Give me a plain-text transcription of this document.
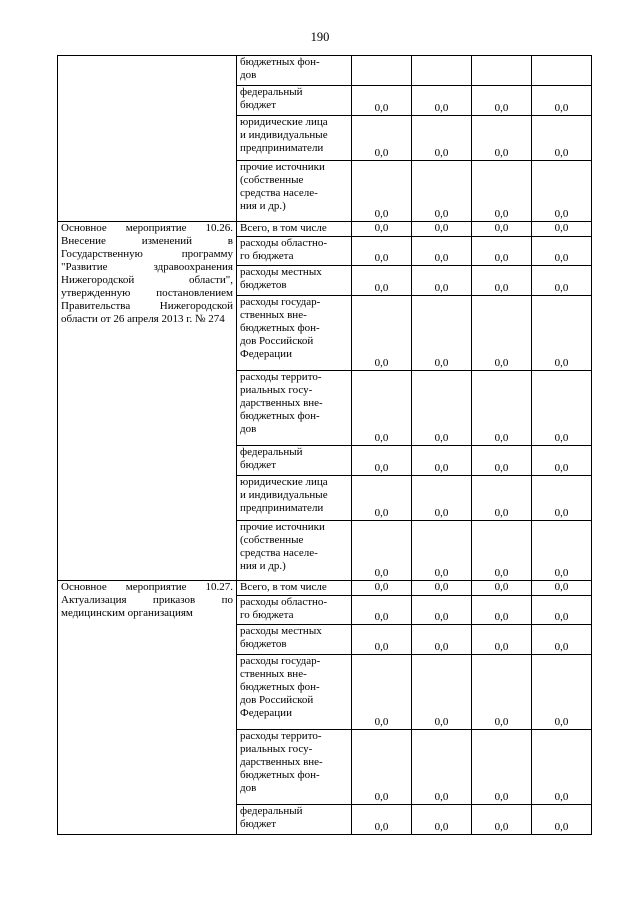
190
	бюджетных фон-
дов				
	федеральный
бюджет	0,0	0,0	0,0	0,0
	юридические лица
и индивидуальные
предприниматели	0,0	0,0	0,0	0,0
	прочие источники
(собственные
средства населе-
ния и др.)	0,0	0,0	0,0	0,0
Основное мероприятие 10.26. Внесение изменений в Государственную программу "Развитие здравоохранения Нижегородской области", утвержденную постановлением Правительства Нижегородской области от 26 апреля 2013 г. № 274	Всего, в том числе	0,0	0,0	0,0	0,0
	расходы областно-
го бюджета	0,0	0,0	0,0	0,0
	расходы местных
бюджетов	0,0	0,0	0,0	0,0
	расходы государ-
ственных вне-
бюджетных фон-
дов Российской
Федерации	0,0	0,0	0,0	0,0
	расходы террито-
риальных госу-
дарственных вне-
бюджетных фон-
дов	0,0	0,0	0,0	0,0
	федеральный
бюджет	0,0	0,0	0,0	0,0
	юридические лица
и индивидуальные
предприниматели	0,0	0,0	0,0	0,0
	прочие источники
(собственные
средства населе-
ния и др.)	0,0	0,0	0,0	0,0
Основное мероприятие 10.27. Актуализация приказов по медицинским организациям	Всего, в том числе	0,0	0,0	0,0	0,0
	расходы областно-
го бюджета	0,0	0,0	0,0	0,0
	расходы местных
бюджетов	0,0	0,0	0,0	0,0
	расходы государ-
ственных вне-
бюджетных фон-
дов Российской
Федерации	0,0	0,0	0,0	0,0
	расходы террито-
риальных госу-
дарственных вне-
бюджетных фон-
дов	0,0	0,0	0,0	0,0
	федеральный
бюджет	0,0	0,0	0,0	0,0
